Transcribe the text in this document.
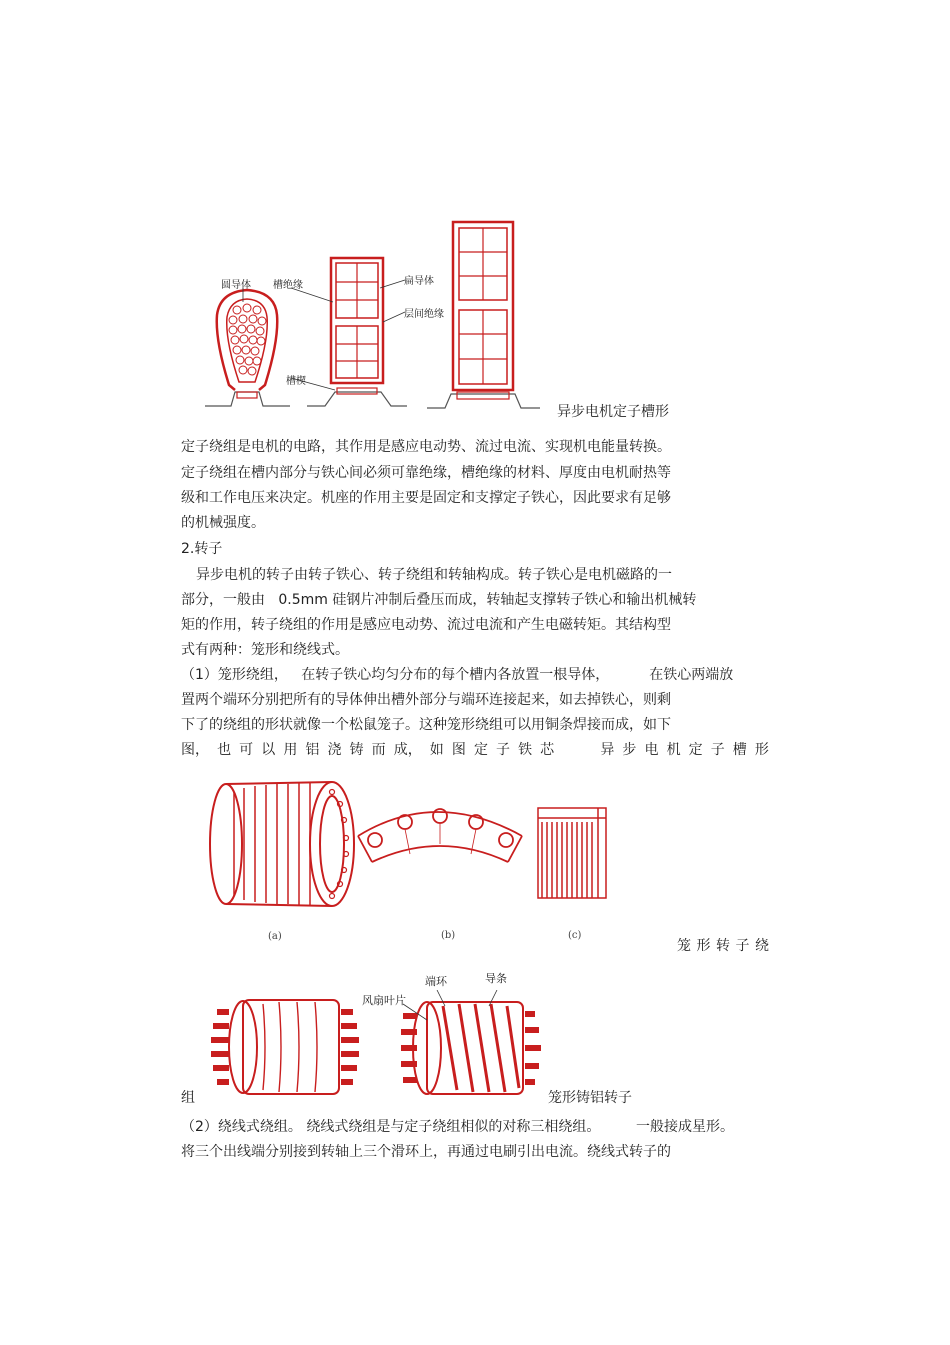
圆导体 槽绝缘	扁导体
层间绝缘
槽楔
异步电机定子槽形
定子绕组是电机的电路，其作用是感应电动势、流过电流、实现机电能量转换。
定子绕组在槽内部分与铁心间必须可靠绝缘，槽绝缘的材料、厚度由电机耐热等
级和工作电压来决定。机座的作用主要是固定和支撑定子铁心，因此要求有足够
的机械强度。
2.转子
异步电机的转子由转子铁心、转子绕组和转轴构成。转子铁心是电机磁路的一
部分，一般由   0.5mm 硅钢片冲制后叠压而成，转轴起支撑转子铁心和输出机械转
矩的作用，转子绕组的作用是感应电动势、流过电流和产生电磁转矩。其结构型
式有两种：笼形和绕线式。
（1）笼形绕组，   在转子铁心均匀分布的每个槽内各放置一根导体，         在铁心两端放
置两个端环分别把所有的导体伸出槽外部分与端环连接起来，如去掉铁心，则剩
下了的绕组的形状就像一个松鼠笼子。这种笼形绕组可以用铜条焊接而成，如下
图， 也 可 以 用 铝 浇 铸 而 成， 如 图 定 子 铁 芯	异 步 电 机 定 子 槽 形
(a)	(b)	(c)
笼 形 转 子 绕
风扇叶片
端环	导条
组	笼形铸铝转子
（2）绕线式绕组。 绕线式绕组是与定子绕组相似的对称三相绕组。        一般接成星形。
将三个出线端分别接到转轴上三个滑环上，再通过电刷引出电流。绕线式转子的
